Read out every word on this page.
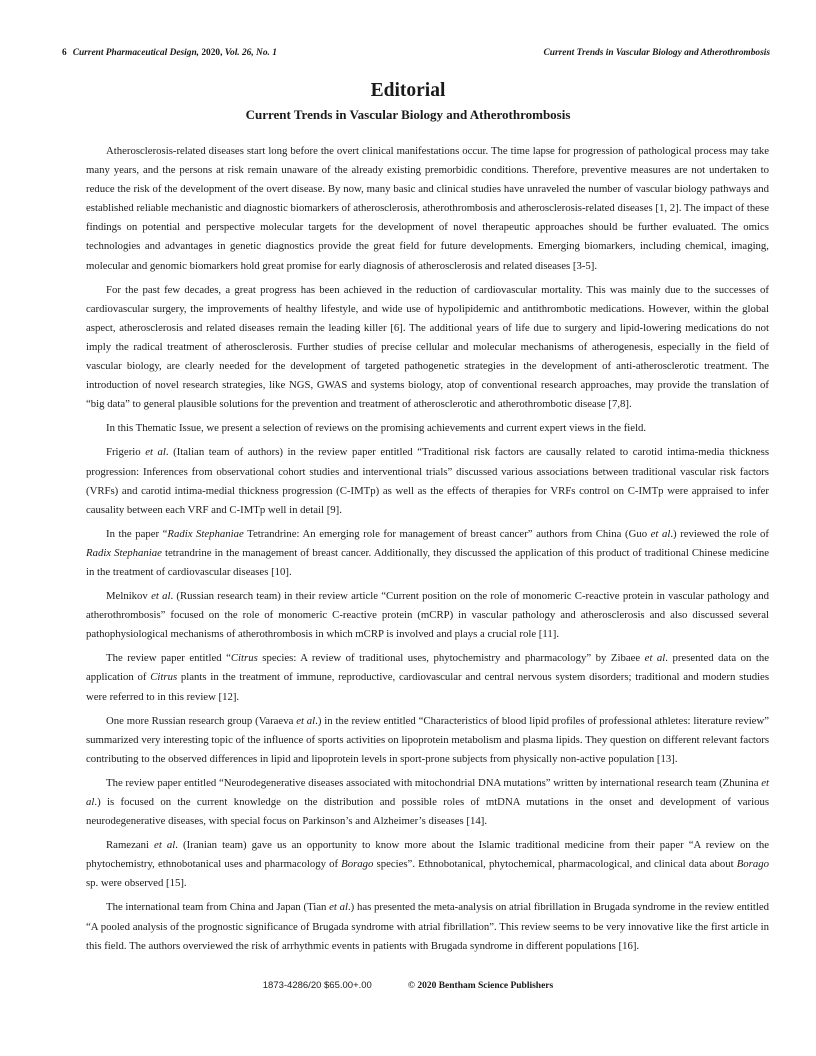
6 Current Pharmaceutical Design, 2020, Vol. 26, No. 1	Current Trends in Vascular Biology and Atherothrombosis
Editorial
Current Trends in Vascular Biology and Atherothrombosis

Atherosclerosis-related diseases start long before the overt clinical manifestations occur. The time lapse for progression of pathological process may take many years, and the persons at risk remain unaware of the already existing premorbidic conditions. Therefore, preventive measures are not undertaken to reduce the risk of the development of the overt disease. By now, many basic and clinical studies have unraveled the number of vascular biology pathways and established reliable mechanistic and diagnostic biomarkers of atherosclerosis, atherothrombosis and atherosclerosis-related diseases [1, 2]. The impact of these findings on potential and perspective molecular targets for the development of novel therapeutic approaches should be further evaluated. The omics technologies and advantages in genetic diagnostics provide the great field for future developments. Emerging biomarkers, including chemical, imaging, molecular and genomic biomarkers hold great promise for early diagnosis of atherosclerosis and related diseases [3-5].

For the past few decades, a great progress has been achieved in the reduction of cardiovascular mortality. This was mainly due to the successes of cardiovascular surgery, the improvements of healthy lifestyle, and wide use of hypolipidemic and antithrombotic medications. However, within the global aspect, atherosclerosis and related diseases remain the leading killer [6]. The additional years of life due to surgery and lipid-lowering medications do not imply the radical treatment of atherosclerosis. Further studies of precise cellular and molecular mechanisms of atherogenesis, especially in the field of vascular biology, are clearly needed for the development of targeted pathogenetic strategies in the development of anti-atherosclerotic treatment. The introduction of novel research strategies, like NGS, GWAS and systems biology, atop of conventional research approaches, may provide the translation of “big data” to general plausible solutions for the prevention and treatment of atherosclerotic and atherothrombotic disease [7,8].

In this Thematic Issue, we present a selection of reviews on the promising achievements and current expert views in the field.

Frigerio et al. (Italian team of authors) in the review paper entitled “Traditional risk factors are causally related to carotid intima-media thickness progression: Inferences from observational cohort studies and interventional trials” discussed various associations between traditional vascular risk factors (VRFs) and carotid intima-medial thickness progression (C-IMTp) as well as the effects of therapies for VRFs control on C-IMTp were appraised to infer causality between each VRF and C-IMTp well in detail [9].

In the paper “Radix Stephaniae Tetrandrine: An emerging role for management of breast cancer” authors from China (Guo et al.) reviewed the role of Radix Stephaniae tetrandrine in the management of breast cancer. Additionally, they discussed the application of this product of traditional Chinese medicine in the treatment of cardiovascular diseases [10].

Melnikov et al. (Russian research team) in their review article “Current position on the role of monomeric C-reactive protein in vascular pathology and atherothrombosis” focused on the role of monomeric C-reactive protein (mCRP) in vascular pathology and atherosclerosis and also discussed several pathophysiological mechanisms of atherothrombosis in which mCRP is involved and plays a crucial role [11].

The review paper entitled “Citrus species: A review of traditional uses, phytochemistry and pharmacology” by Zibaee et al. presented data on the application of Citrus plants in the treatment of immune, reproductive, cardiovascular and central nervous system disorders; traditional and modern studies were referred to in this review [12].

One more Russian research group (Varaeva et al.) in the review entitled “Characteristics of blood lipid profiles of professional athletes: literature review” summarized very interesting topic of the influence of sports activities on lipoprotein metabolism and plasma lipids. They question on different relevant factors contributing to the observed differences in lipid and lipoprotein levels in sport-prone subjects from physically non-active population [13].

The review paper entitled “Neurodegenerative diseases associated with mitochondrial DNA mutations” written by international research team (Zhunina et al.) is focused on the current knowledge on the distribution and possible roles of mtDNA mutations in the onset and development of various neurodegenerative diseases, with special focus on Parkinson’s and Alzheimer’s diseases [14].

Ramezani et al. (Iranian team) gave us an opportunity to know more about the Islamic traditional medicine from their paper “A review on the phytochemistry, ethnobotanical uses and pharmacology of Borago species”. Ethnobotanical, phytochemical, pharmacological, and clinical data about Borago sp. were observed [15].

The international team from China and Japan (Tian et al.) has presented the meta-analysis on atrial fibrillation in Brugada syndrome in the review entitled “A pooled analysis of the prognostic significance of Brugada syndrome with atrial fibrillation”. This review seems to be very innovative like the first article in this field. The authors overviewed the risk of arrhythmic events in patients with Brugada syndrome in different populations [16].

1873-4286/20 $65.00+.00	© 2020 Bentham Science Publishers
